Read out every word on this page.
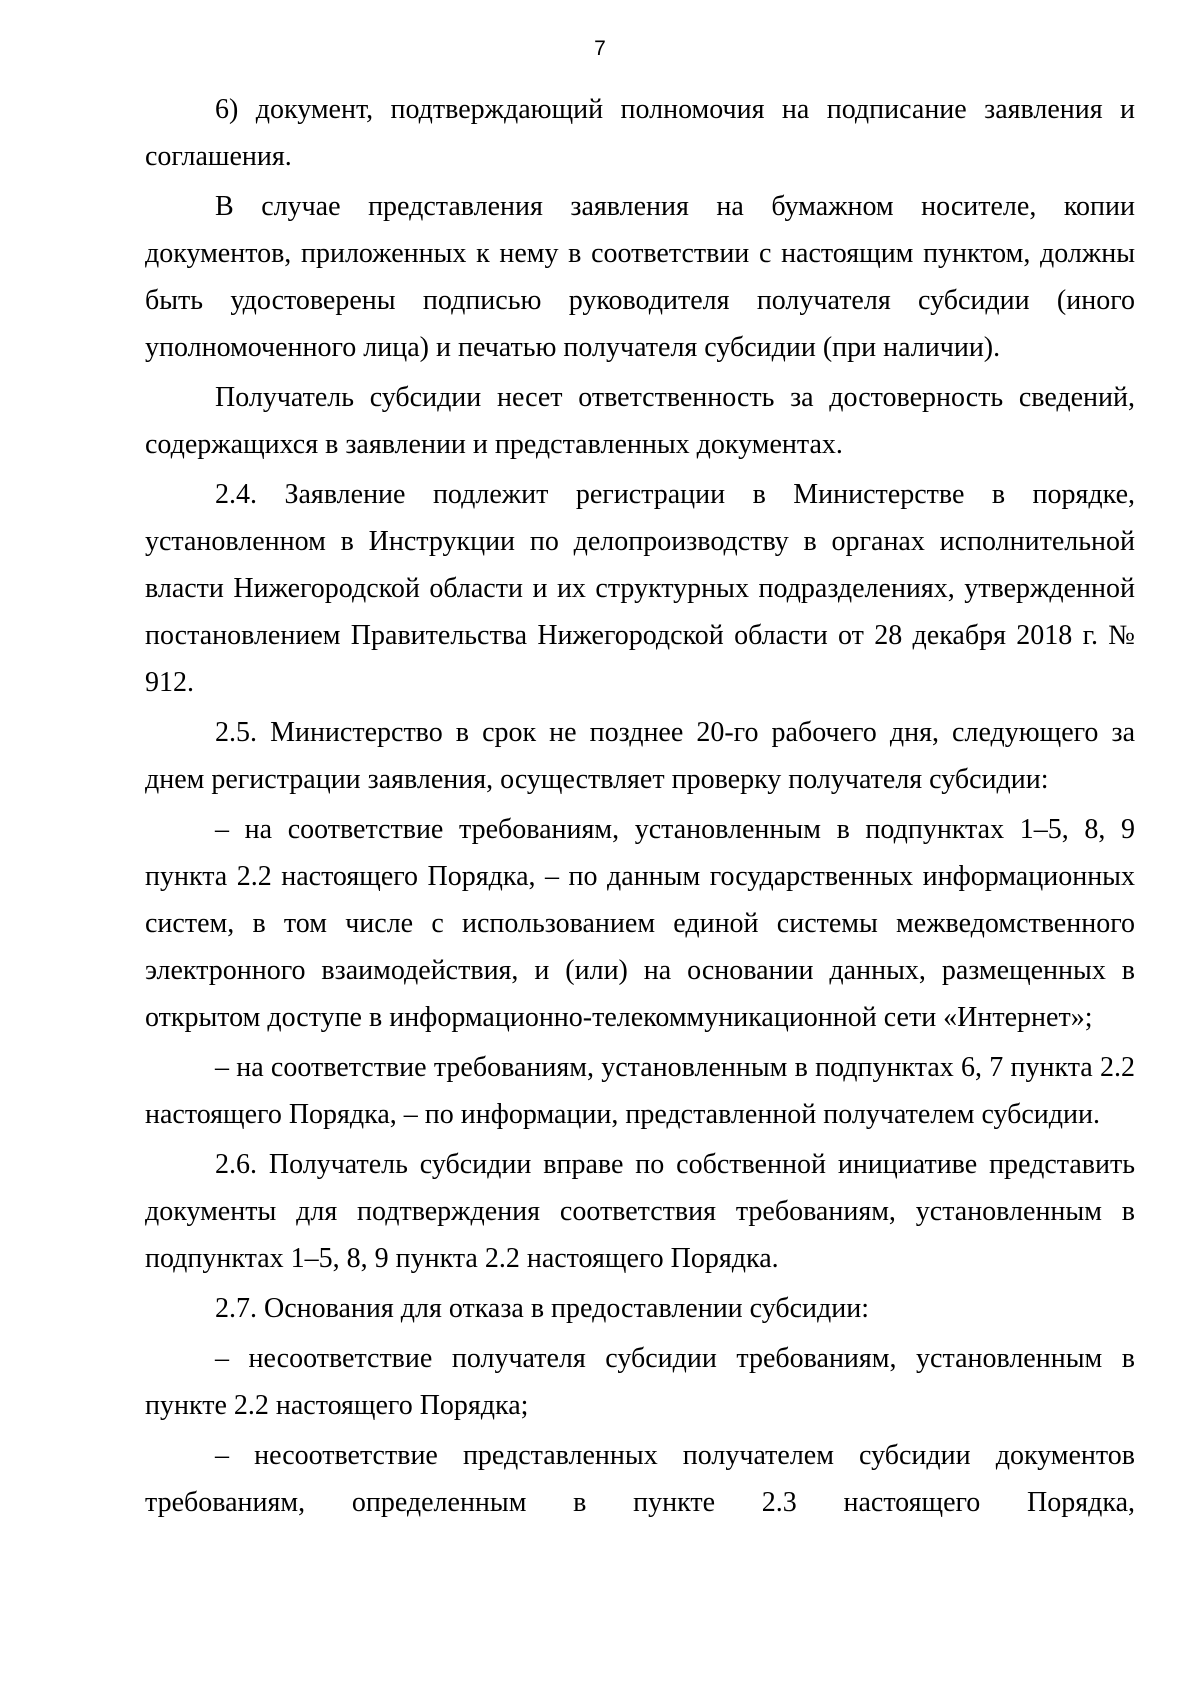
7

6) документ, подтверждающий полномочия на подписание заявления и соглашения.

В случае представления заявления на бумажном носителе, копии документов, приложенных к нему в соответствии с настоящим пунктом, должны быть удостоверены подписью руководителя получателя субсидии (иного уполномоченного лица) и печатью получателя субсидии (при наличии).

Получатель субсидии несет ответственность за достоверность сведений, содержащихся в заявлении и представленных документах.

2.4. Заявление подлежит регистрации в Министерстве в порядке, установленном в Инструкции по делопроизводству в органах исполнительной власти Нижегородской области и их структурных подразделениях, утвержденной постановлением Правительства Нижегородской области от 28 декабря 2018 г. № 912.

2.5. Министерство в срок не позднее 20-го рабочего дня, следующего за днем регистрации заявления, осуществляет проверку получателя субсидии:

– на соответствие требованиям, установленным в подпунктах 1–5, 8, 9 пункта 2.2 настоящего Порядка, – по данным государственных информационных систем, в том числе с использованием единой системы межведомственного электронного взаимодействия, и (или) на основании данных, размещенных в открытом доступе в информационно-телекоммуникационной сети «Интернет»;

– на соответствие требованиям, установленным в подпунктах 6, 7 пункта 2.2 настоящего Порядка, – по информации, представленной получателем субсидии.

2.6. Получатель субсидии вправе по собственной инициативе представить документы для подтверждения соответствия требованиям, установленным в подпунктах 1–5, 8, 9 пункта 2.2 настоящего Порядка.

2.7. Основания для отказа в предоставлении субсидии:

– несоответствие получателя субсидии требованиям, установленным в пункте 2.2 настоящего Порядка;

– несоответствие представленных получателем субсидии документов требованиям, определенным в пункте 2.3 настоящего Порядка,
